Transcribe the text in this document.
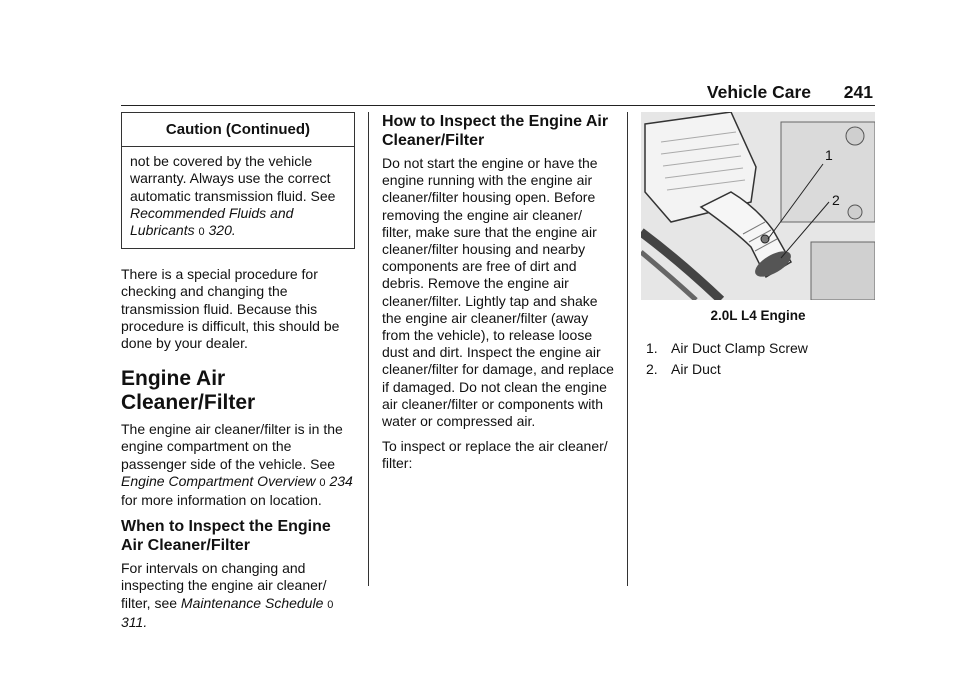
Vehicle Care 241
Caution (Continued)
not be covered by the vehicle warranty. Always use the correct automatic transmission fluid. See Recommended Fluids and Lubricants 0 320.

There is a special procedure for checking and changing the transmission fluid. Because this procedure is difficult, this should be done by your dealer.

Engine Air Cleaner/Filter

The engine air cleaner/filter is in the engine compartment on the passenger side of the vehicle. See Engine Compartment Overview 0 234 for more information on location.

When to Inspect the Engine Air Cleaner/Filter

For intervals on changing and inspecting the engine air cleaner/ filter, see Maintenance Schedule 0 311.

How to Inspect the Engine Air Cleaner/Filter

Do not start the engine or have the engine running with the engine air cleaner/filter housing open. Before removing the engine air cleaner/ filter, make sure that the engine air cleaner/filter housing and nearby components are free of dirt and debris. Remove the engine air cleaner/filter. Lightly tap and shake the engine air cleaner/filter (away from the vehicle), to release loose dust and dirt. Inspect the engine air cleaner/filter for damage, and replace if damaged. Do not clean the engine air cleaner/filter or components with water or compressed air.

To inspect or replace the air cleaner/ filter:

1
2
2.0L L4 Engine
1. Air Duct Clamp Screw
2. Air Duct
